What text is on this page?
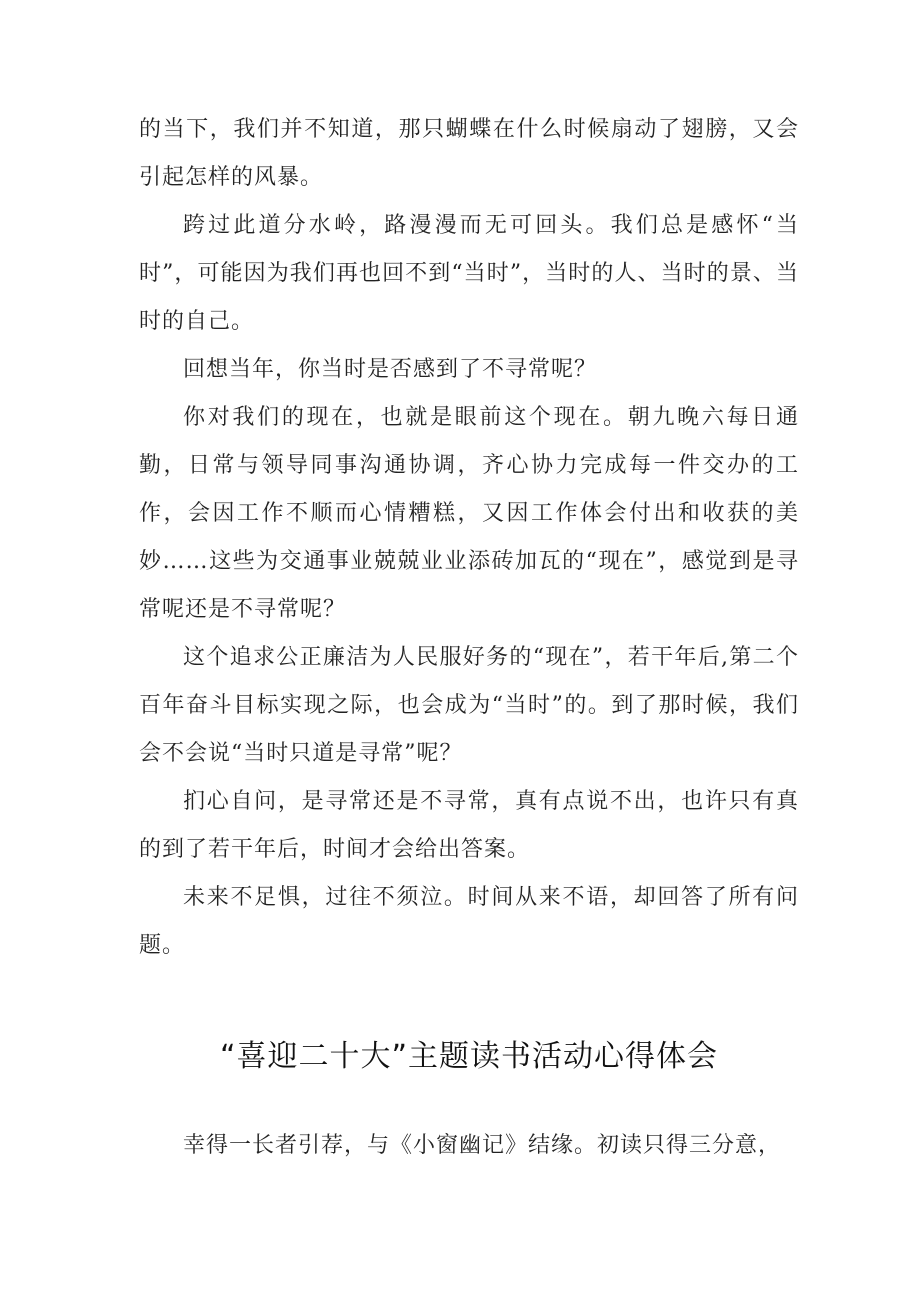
的当下，我们并不知道，那只蝴蝶在什么时候扇动了翅膀，又会引起怎样的风暴。

跨过此道分水岭，路漫漫而无可回头。我们总是感怀“当时”，可能因为我们再也回不到“当时”，当时的人、当时的景、当时的自己。

回想当年，你当时是否感到了不寻常呢？

你对我们的现在，也就是眼前这个现在。朝九晚六每日通勤，日常与领导同事沟通协调，齐心协力完成每一件交办的工作，会因工作不顺而心情糟糕，又因工作体会付出和收获的美妙……这些为交通事业兢兢业业添砖加瓦的“现在”，感觉到是寻常呢还是不寻常呢？

这个追求公正廉洁为人民服好务的“现在”，若干年后,第二个百年奋斗目标实现之际，也会成为“当时”的。到了那时候，我们会不会说“当时只道是寻常”呢？

扪心自问，是寻常还是不寻常，真有点说不出，也许只有真的到了若干年后，时间才会给出答案。

未来不足惧，过往不须泣。时间从来不语，却回答了所有问题。

“喜迎二十大”主题读书活动心得体会

幸得一长者引荐，与《小窗幽记》结缘。初读只得三分意，
